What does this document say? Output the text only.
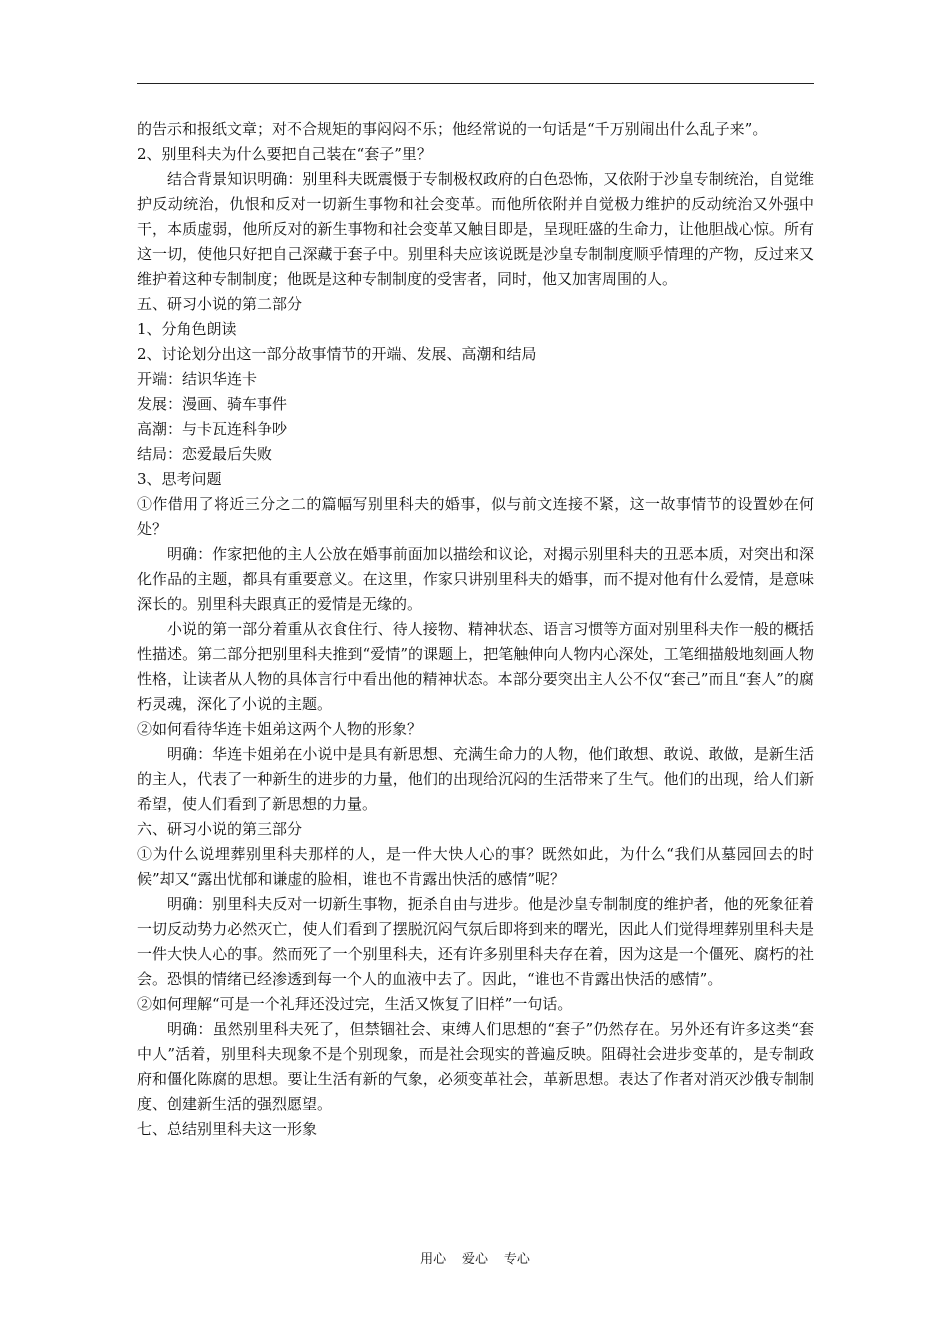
的告示和报纸文章；对不合规矩的事闷闷不乐；他经常说的一句话是“千万别闹出什么乱子来”。

2、别里科夫为什么要把自己装在“套子”里？

结合背景知识明确：别里科夫既震慑于专制极权政府的白色恐怖，又依附于沙皇专制统治，自觉维护反动统治，仇恨和反对一切新生事物和社会变革。而他所依附并自觉极力维护的反动统治又外强中干，本质虚弱，他所反对的新生事物和社会变革又触目即是，呈现旺盛的生命力，让他胆战心惊。所有这一切，使他只好把自己深藏于套子中。别里科夫应该说既是沙皇专制制度顺乎情理的产物，反过来又维护着这种专制制度；他既是这种专制制度的受害者，同时，他又加害周围的人。

五、研习小说的第二部分

1、分角色朗读

2、讨论划分出这一部分故事情节的开端、发展、高潮和结局

开端：结识华连卡

发展：漫画、骑车事件

高潮：与卡瓦连科争吵

结局：恋爱最后失败

3、思考问题

①作借用了将近三分之二的篇幅写别里科夫的婚事，似与前文连接不紧，这一故事情节的设置妙在何处？

明确：作家把他的主人公放在婚事前面加以描绘和议论，对揭示别里科夫的丑恶本质，对突出和深化作品的主题，都具有重要意义。在这里，作家只讲别里科夫的婚事，而不提对他有什么爱情，是意味深长的。别里科夫跟真正的爱情是无缘的。

小说的第一部分着重从衣食住行、待人接物、精神状态、语言习惯等方面对别里科夫作一般的概括性描述。第二部分把别里科夫推到“爱情”的课题上，把笔触伸向人物内心深处，工笔细描般地刻画人物性格，让读者从人物的具体言行中看出他的精神状态。本部分要突出主人公不仅“套己”而且“套人”的腐朽灵魂，深化了小说的主题。

②如何看待华连卡姐弟这两个人物的形象？

明确：华连卡姐弟在小说中是具有新思想、充满生命力的人物，他们敢想、敢说、敢做，是新生活的主人，代表了一种新生的进步的力量，他们的出现给沉闷的生活带来了生气。他们的出现，给人们新希望，使人们看到了新思想的力量。

六、研习小说的第三部分

①为什么说埋葬别里科夫那样的人，是一件大快人心的事？既然如此，为什么“我们从墓园回去的时候”却又“露出忧郁和谦虚的脸相，谁也不肯露出快活的感情”呢？

明确：别里科夫反对一切新生事物，扼杀自由与进步。他是沙皇专制制度的维护者，他的死象征着一切反动势力必然灭亡，使人们看到了摆脱沉闷气氛后即将到来的曙光，因此人们觉得埋葬别里科夫是一件大快人心的事。然而死了一个别里科夫，还有许多别里科夫存在着，因为这是一个僵死、腐朽的社会。恐惧的情绪已经渗透到每一个人的血液中去了。因此，“谁也不肯露出快活的感情”。

②如何理解“可是一个礼拜还没过完，生活又恢复了旧样”一句话。

明确：虽然别里科夫死了，但禁锢社会、束缚人们思想的“套子”仍然存在。另外还有许多这类“套中人”活着，别里科夫现象不是个别现象，而是社会现实的普遍反映。阻碍社会进步变革的，是专制政府和僵化陈腐的思想。要让生活有新的气象，必须变革社会，革新思想。表达了作者对消灭沙俄专制制度、创建新生活的强烈愿望。

七、总结别里科夫这一形象

用心 爱心 专心
